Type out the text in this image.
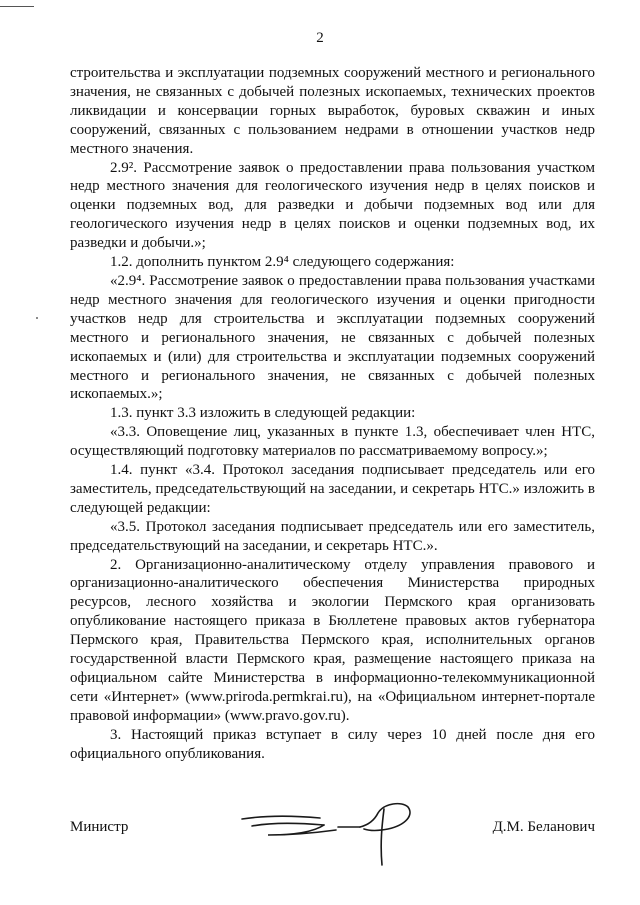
2

строительства и эксплуатации подземных сооружений местного и регионального значения, не связанных с добычей полезных ископаемых, технических проектов ликвидации и консервации горных выработок, буровых скважин и иных сооружений, связанных с пользованием недрами в отношении участков недр местного значения.

2.9². Рассмотрение заявок о предоставлении права пользования участком недр местного значения для геологического изучения недр в целях поисков и оценки подземных вод, для разведки и добычи подземных вод или для геологического изучения недр в целях поисков и оценки подземных вод, их разведки и добычи.»;

1.2. дополнить пунктом 2.9⁴ следующего содержания:

«2.9⁴. Рассмотрение заявок о предоставлении права пользования участками недр местного значения для геологического изучения и оценки пригодности участков недр для строительства и эксплуатации подземных сооружений местного и регионального значения, не связанных с добычей полезных ископаемых и (или) для строительства и эксплуатации подземных сооружений местного и регионального значения, не связанных с добычей полезных ископаемых.»;

1.3. пункт 3.3 изложить в следующей редакции:

«3.3. Оповещение лиц, указанных в пункте 1.3, обеспечивает член НТС, осуществляющий подготовку материалов по рассматриваемому вопросу.»;

1.4. пункт «3.4. Протокол заседания подписывает председатель или его заместитель, председательствующий на заседании, и секретарь НТС.» изложить в следующей редакции:

«3.5. Протокол заседания подписывает председатель или его заместитель, председательствующий на заседании, и секретарь НТС.».

2. Организационно-аналитическому отделу управления правового и организационно-аналитического обеспечения Министерства природных ресурсов, лесного хозяйства и экологии Пермского края организовать опубликование настоящего приказа в Бюллетене правовых актов губернатора Пермского края, Правительства Пермского края, исполнительных органов государственной власти Пермского края, размещение настоящего приказа на официальном сайте Министерства в информационно-телекоммуникационной сети «Интернет» (www.priroda.permkrai.ru), на «Официальном интернет-портале правовой информации» (www.pravo.gov.ru).

3. Настоящий приказ вступает в силу через 10 дней после дня его официального опубликования.

Министр	Д.М. Беланович
